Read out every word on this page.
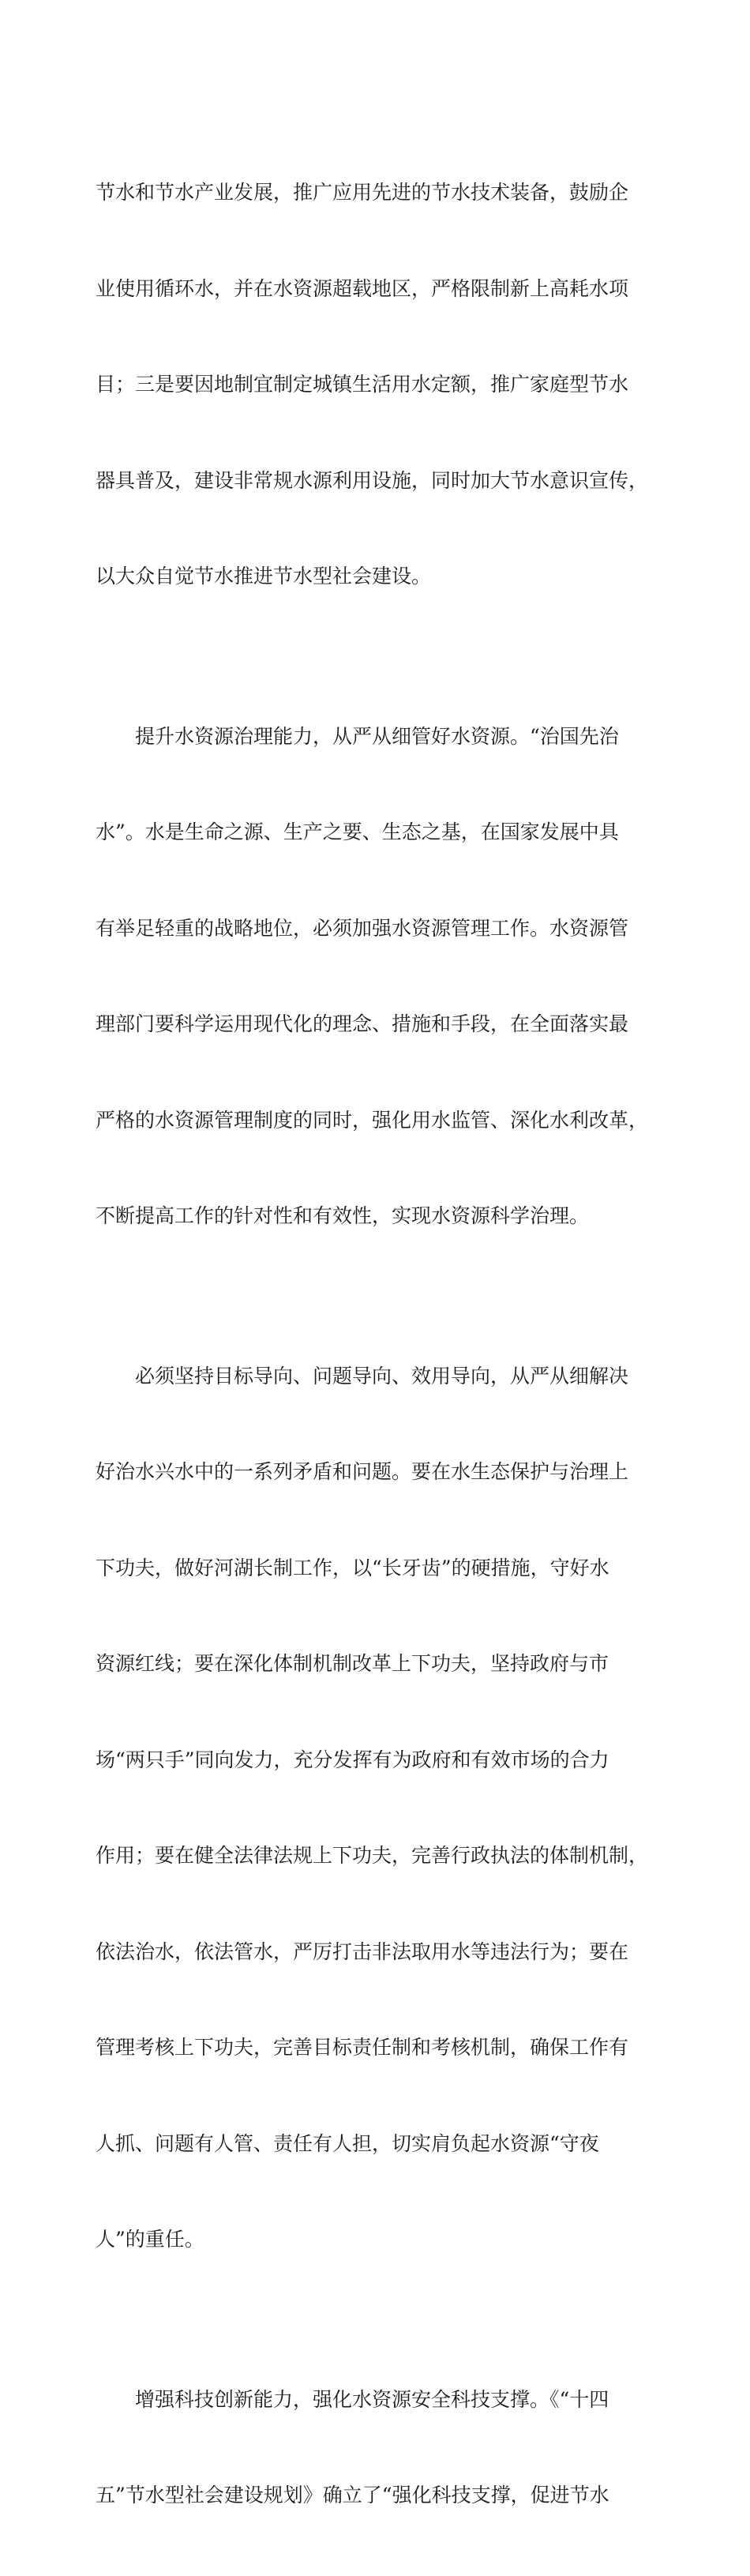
节水和节水产业发展，推广应用先进的节水技术装备，鼓励企

业使用循环水，并在水资源超载地区，严格限制新上高耗水项

目；三是要因地制宜制定城镇生活用水定额，推广家庭型节水

器具普及，建设非常规水源利用设施，同时加大节水意识宣传，

以大众自觉节水推进节水型社会建设。

提升水资源治理能力，从严从细管好水资源。“治国先治

水”。水是生命之源、生产之要、生态之基，在国家发展中具

有举足轻重的战略地位，必须加强水资源管理工作。水资源管

理部门要科学运用现代化的理念、措施和手段，在全面落实最

严格的水资源管理制度的同时，强化用水监管、深化水利改革，

不断提高工作的针对性和有效性，实现水资源科学治理。

必须坚持目标导向、问题导向、效用导向，从严从细解决

好治水兴水中的一系列矛盾和问题。要在水生态保护与治理上

下功夫，做好河湖长制工作，以“长牙齿”的硬措施，守好水

资源红线；要在深化体制机制改革上下功夫，坚持政府与市

场“两只手”同向发力，充分发挥有为政府和有效市场的合力

作用；要在健全法律法规上下功夫，完善行政执法的体制机制，

依法治水，依法管水，严厉打击非法取用水等违法行为；要在

管理考核上下功夫，完善目标责任制和考核机制，确保工作有

人抓、问题有人管、责任有人担，切实肩负起水资源“守夜

人”的重任。

增强科技创新能力，强化水资源安全科技支撑。《“十四

五”节水型社会建设规划》确立了“强化科技支撑，促进节水
